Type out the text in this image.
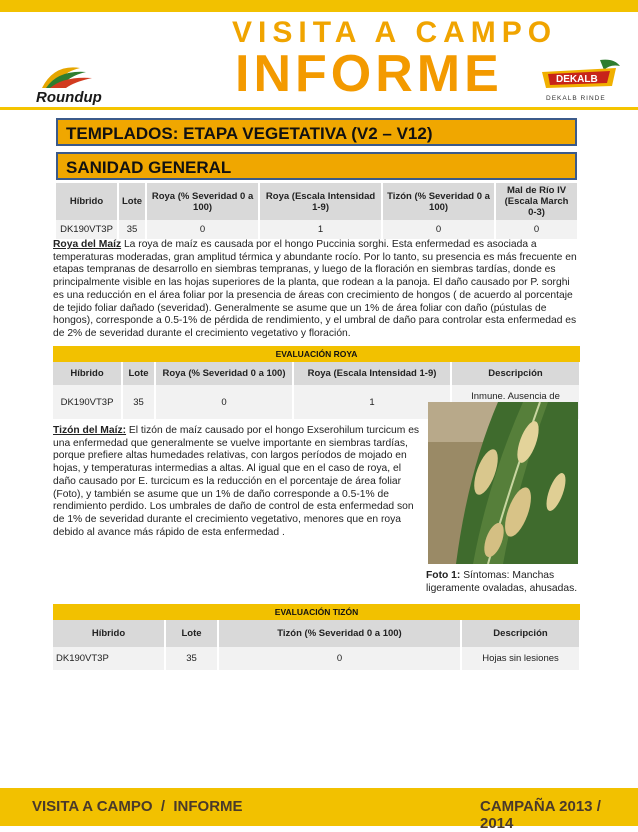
VISITA A CAMPO
INFORME
Roundup
DEKALB
DEKALB RINDE
TEMPLADOS: ETAPA VEGETATIVA (V2 – V12)
SANIDAD GENERAL
Híbrido	Lote	Roya (% Severidad 0 a 100)	Roya (Escala Intensidad 1-9)	Tizón (% Severidad 0 a 100)	Mal de Río IV (Escala March 0-3)
DK190VT3P	35	0	1	0	0
Roya del Maíz La roya de maíz es causada por el hongo Puccinia sorghi. Esta enfermedad es asociada a temperaturas moderadas, gran amplitud térmica y abundante rocío. Por lo tanto, su presencia es más frecuente en etapas tempranas de desarrollo en siembras tempranas, y luego de la floración en siembras tardías, donde es principalmente visible en las hojas superiores de la planta, que rodean a la panoja. El daño causado por P. sorghi es una reducción en el área foliar por la presencia de áreas con crecimiento de hongos ( de acuerdo al porcentaje de tejido foliar dañado (severidad). Generalmente se asume que un 1% de área foliar con daño (pústulas de hongos), corresponde a 0.5-1% de pérdida de rendimiento, y el umbral de daño para controlar esta enfermedad es de 2% de severidad durante el crecimiento vegetativo y floración.
EVALUACIÓN ROYA				
Híbrido	Lote	Roya (% Severidad 0 a 100)	Roya (Escala Intensidad 1-9)	Descripción
DK190VT3P	35	0	1	Inmune. Ausencia de
Tizón del Maíz: El tizón de maíz causado por el hongo Exserohilum turcicum es una enfermedad que generalmente se vuelve importante en siembras tardías, porque prefiere altas humedades relativas, con largos períodos de mojado en hojas, y temperaturas intermedias a altas. Al igual que en el caso de roya, el daño causado por E. turcicum es la reducción en el porcentaje de área foliar (Foto), y también se asume que un 1% de daño corresponde a 0.5-1% de rendimiento perdido. Los umbrales de daño de control de esta enfermedad son de 1% de severidad durante el crecimiento vegetativo, menores que en roya debido al avance más rápido de esta enfermedad .
Foto 1: Síntomas: Manchas ligeramente ovaladas, ahusadas.
EVALUACIÓN TIZÓN			
Híbrido	Lote	Tizón (% Severidad 0 a 100)	Descripción
DK190VT3P	35	0	Hojas sin lesiones
VISITA A CAMPO  /  INFORME	CAMPAÑA 2013 / 2014
